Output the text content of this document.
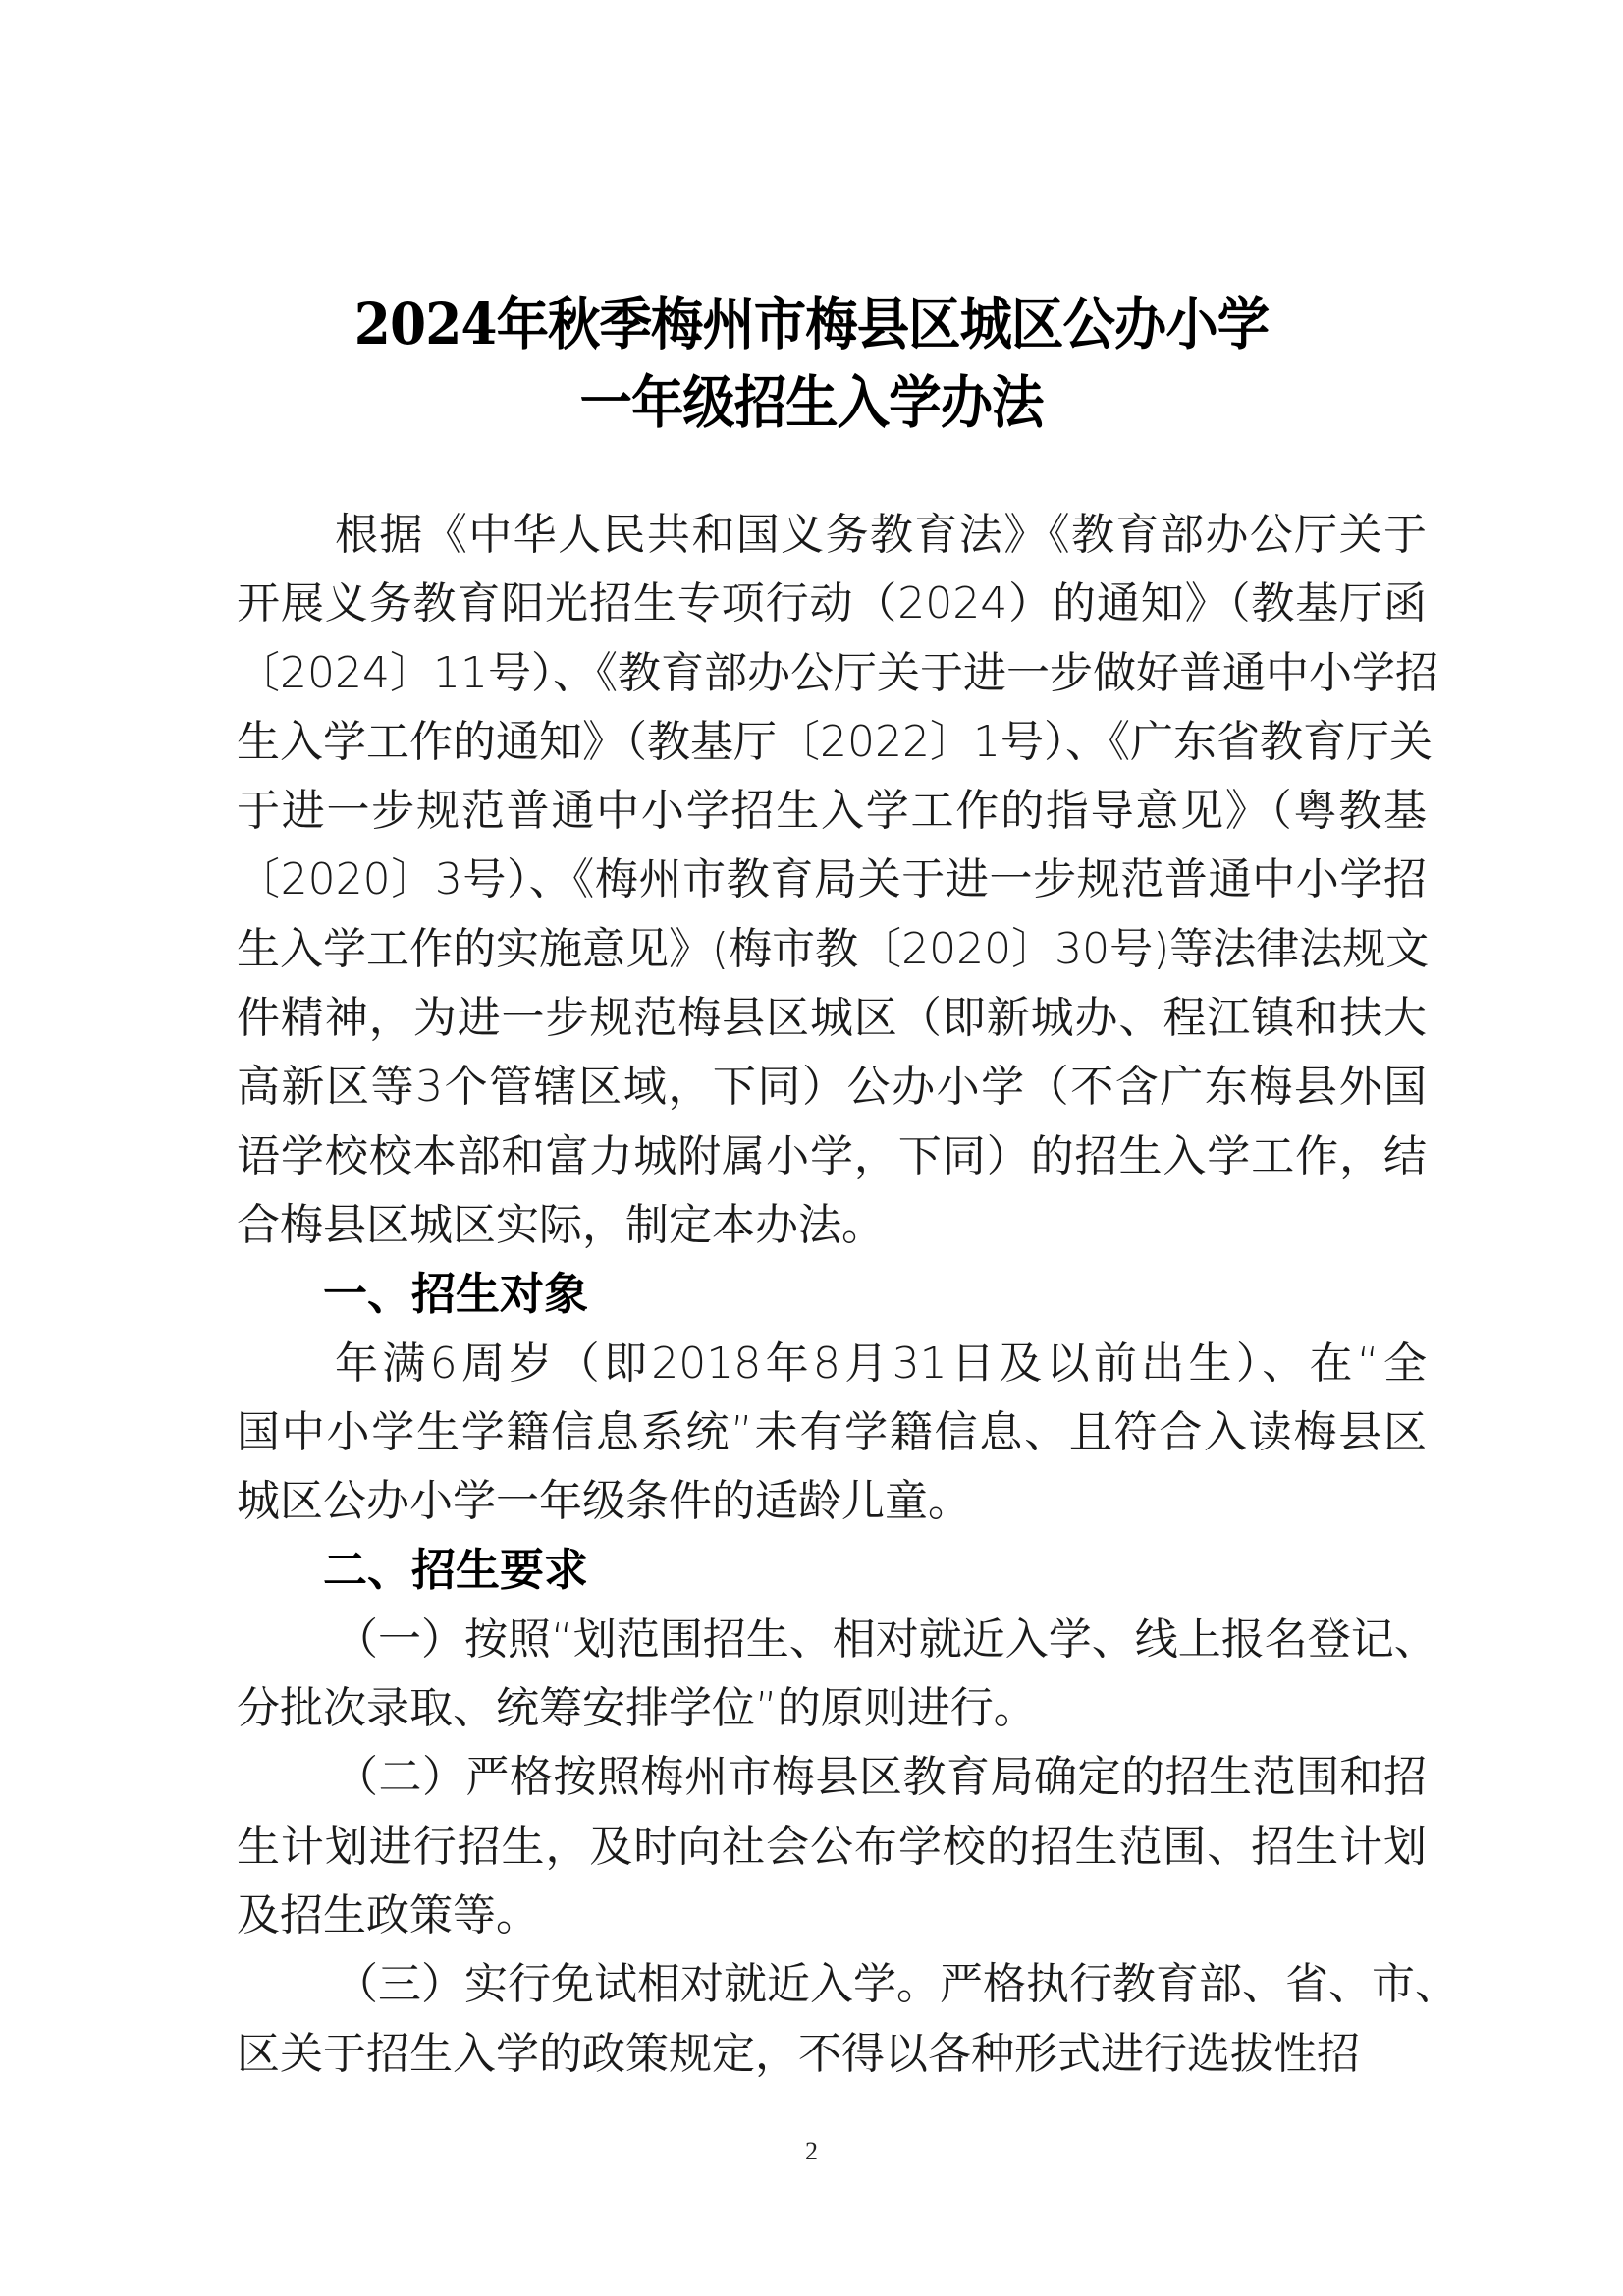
2024年秋季梅州市梅县区城区公办小学
一年级招生入学办法
根据《中华人民共和国义务教育法》《教育部办公厅关于
开展义务教育阳光招生专项行动（2024）的通知》（教基厅函
〔2024〕11号）、《教育部办公厅关于进一步做好普通中小学招
生入学工作的通知》（教基厅〔2022〕1号）、《广东省教育厅关
于进一步规范普通中小学招生入学工作的指导意见》（粤教基
〔2020〕3号）、《梅州市教育局关于进一步规范普通中小学招
生入学工作的实施意见》(梅市教〔2020〕30号)等法律法规文
件精神，为进一步规范梅县区城区（即新城办、程江镇和扶大
高新区等3个管辖区域，下同）公办小学（不含广东梅县外国
语学校校本部和富力城附属小学，下同）的招生入学工作，结
合梅县区城区实际，制定本办法。
一、招生对象
年满6周岁（即2018年8月31日及以前出生）、在“全
国中小学生学籍信息系统”未有学籍信息、且符合入读梅县区
城区公办小学一年级条件的适龄儿童。
二、招生要求
（一）按照“划范围招生、相对就近入学、线上报名登记、
分批次录取、统筹安排学位”的原则进行。
（二）严格按照梅州市梅县区教育局确定的招生范围和招
生计划进行招生，及时向社会公布学校的招生范围、招生计划
及招生政策等。
（三）实行免试相对就近入学。严格执行教育部、省、市、
区关于招生入学的政策规定，不得以各种形式进行选拔性招
2
